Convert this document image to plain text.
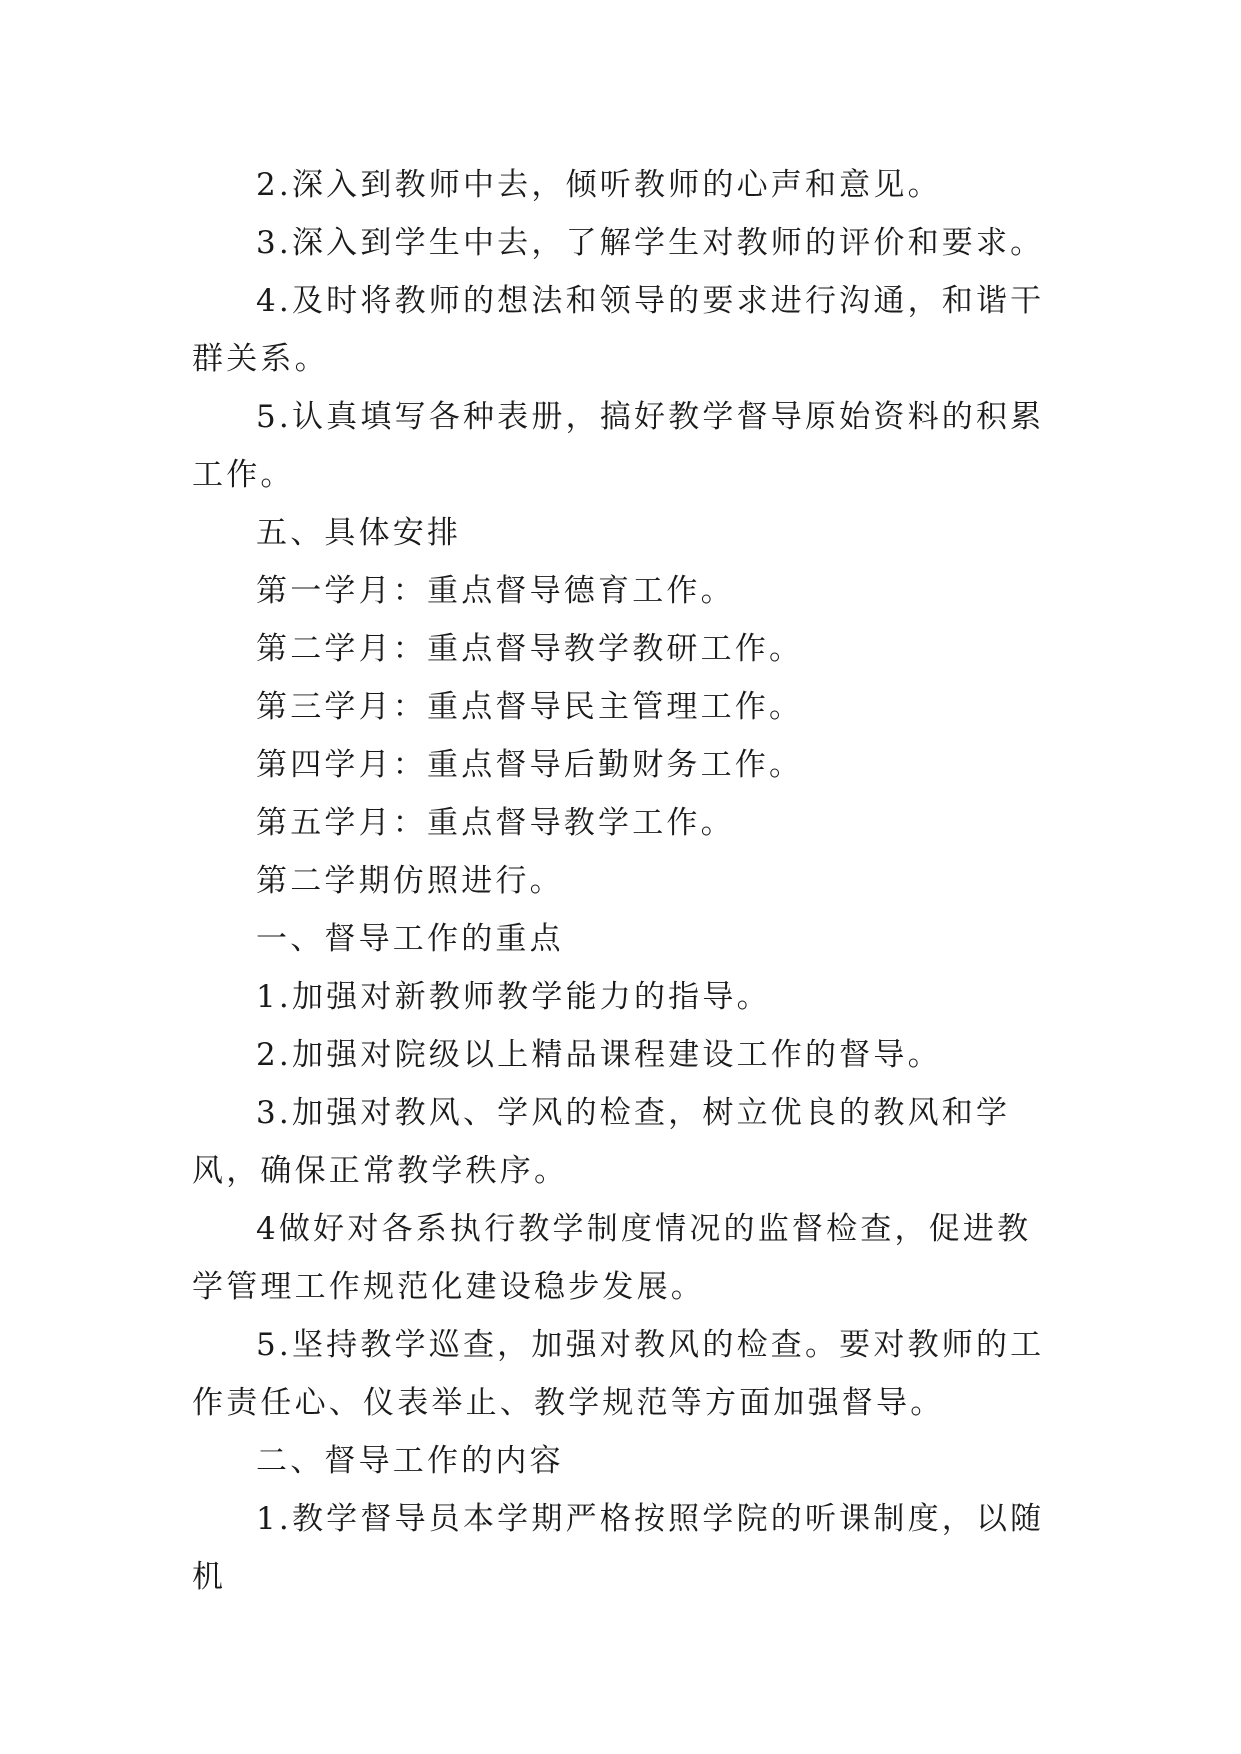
2.深入到教师中去，倾听教师的心声和意见。

3.深入到学生中去，了解学生对教师的评价和要求。

4.及时将教师的想法和领导的要求进行沟通，和谐干群关系。

5.认真填写各种表册，搞好教学督导原始资料的积累工作。

五、具体安排

第一学月：重点督导德育工作。

第二学月：重点督导教学教研工作。

第三学月：重点督导民主管理工作。

第四学月：重点督导后勤财务工作。

第五学月：重点督导教学工作。

第二学期仿照进行。

一、督导工作的重点

1.加强对新教师教学能力的指导。

2.加强对院级以上精品课程建设工作的督导。

3.加强对教风、学风的检查，树立优良的教风和学风，确保正常教学秩序。

4做好对各系执行教学制度情况的监督检查，促进教学管理工作规范化建设稳步发展。

5.坚持教学巡查，加强对教风的检查。要对教师的工作责任心、仪表举止、教学规范等方面加强督导。

二、督导工作的内容

1.教学督导员本学期严格按照学院的听课制度，以随机
